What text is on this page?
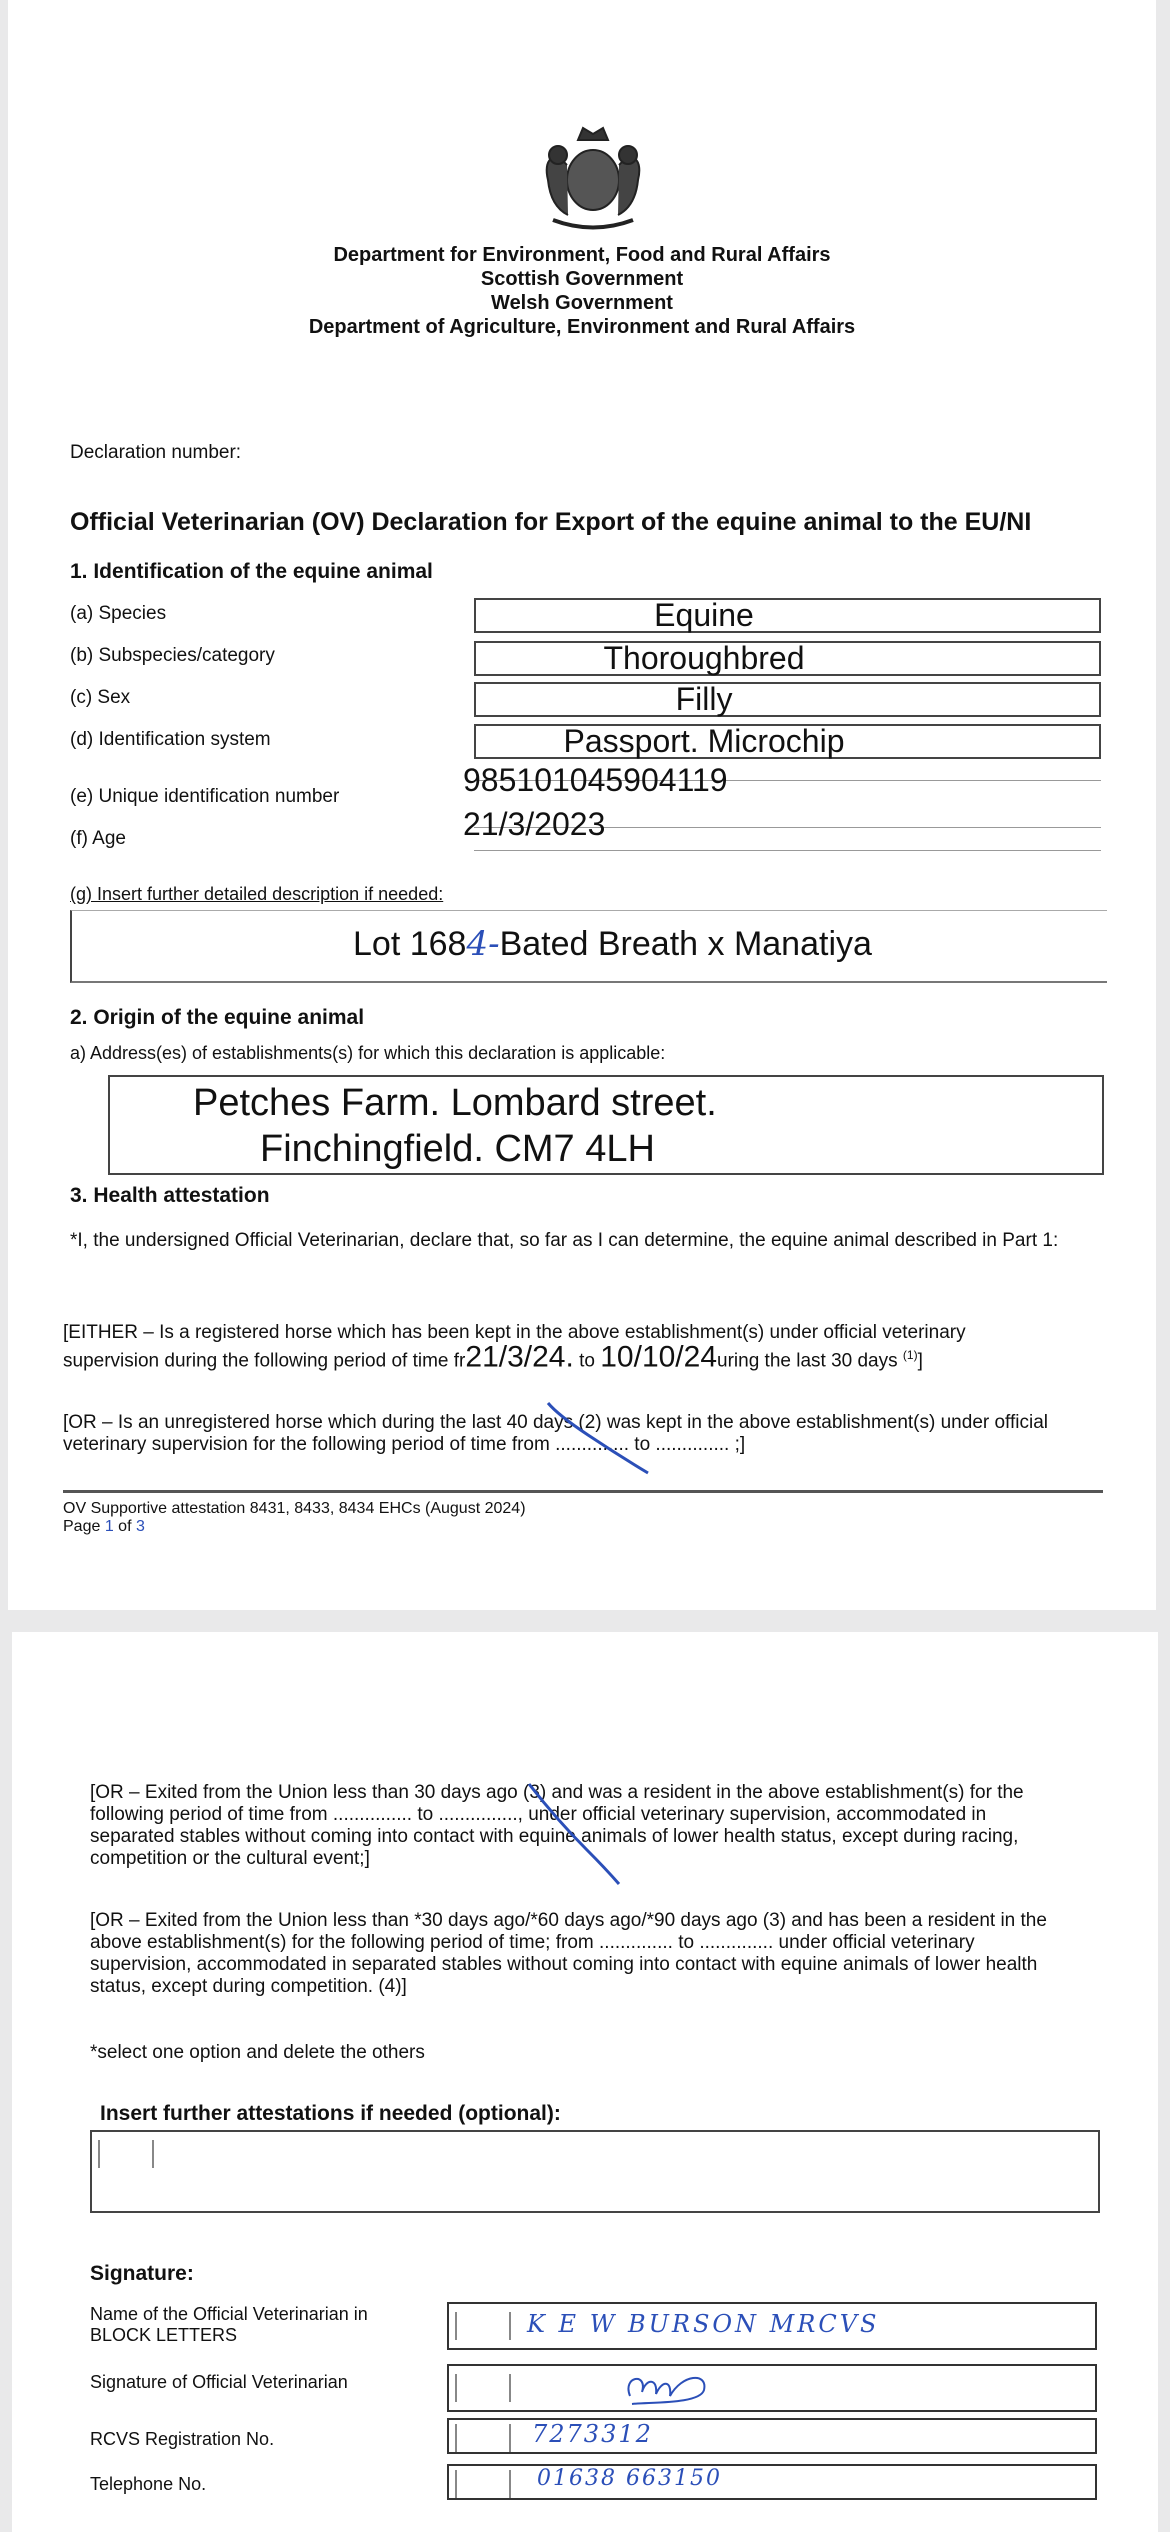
Department for Environment, Food and Rural Affairs
Scottish Government
Welsh Government
Department of Agriculture, Environment and Rural Affairs
Declaration number:
Official Veterinarian (OV) Declaration for Export of the equine animal to the EU/NI
1. Identification of the equine animal
(a) Species	Equine
(b) Subspecies/category	Thoroughbred
(c) Sex	Filly
(d) Identification system	Passport. Microchip
(e) Unique identification number	985101045904119
(f) Age	21/3/2023
(g) Insert further detailed description if needed:
Lot 1684-Bated Breath x Manatiya
2. Origin of the equine animal
a) Address(es) of establishments(s) for which this declaration is applicable:
Petches Farm. Lombard street.
Finchingfield. CM7 4LH
3. Health attestation
*I, the undersigned Official Veterinarian, declare that, so far as I can determine, the equine animal described in Part 1:
[EITHER – Is a registered horse which has been kept in the above establishment(s) under official veterinary
supervision during the following period of time fr21/3/24. to 10/10/24uring the last 30 days $^{(1)}$]
[OR – Is an unregistered horse which during the last 40 days (2) was kept in the above establishment(s) under official
veterinary supervision for the following period of time from .............. to .............. ;]
OV Supportive attestation 8431, 8433, 8434 EHCs (August 2024)
Page 1 of 3
[OR – Exited from the Union less than 30 days ago (3) and was a resident in the above establishment(s) for the
following period of time from ............... to ..............., under official veterinary supervision, accommodated in
separated stables without coming into contact with equine animals of lower health status, except during racing,
competition or the cultural event;]
[OR – Exited from the Union less than *30 days ago/*60 days ago/*90 days ago (3) and has been a resident in the
above establishment(s) for the following period of time; from .............. to .............. under official veterinary
supervision, accommodated in separated stables without coming into contact with equine animals of lower health
status, except during competition. (4)]
*select one option and delete the others
Insert further attestations if needed (optional):
Signature:
Name of the Official Veterinarian in BLOCK LETTERS	K E W BURSON MRCVS
Signature of Official Veterinarian
RCVS Registration No.	7273312
Telephone No.	01638 663150
